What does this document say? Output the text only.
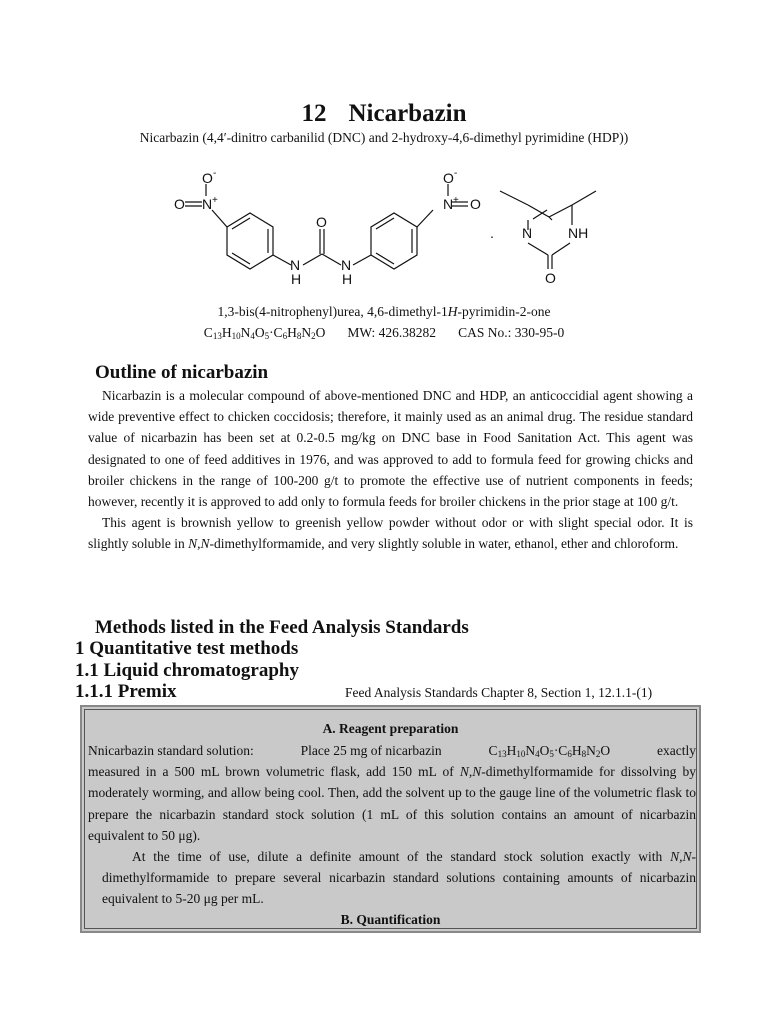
12 Nicarbazin
Nicarbazin (4,4′-dinitro carbanilid (DNC) and 2-hydroxy-4,6-dimethyl pyrimidine (HDP))
O -
O N +
N
H
O
N
H
O -
N + O
. N	NH
O
1,3-bis(4-nitrophenyl)urea, 4,6-dimethyl-1H-pyrimidin-2-one
$C_{13}H_{10}N_4O_5\cdot C_6H_8N_2O$ MW: 426.38282 CAS No.: 330-95-0
Outline of nicarbazin

Nicarbazin is a molecular compound of above-mentioned DNC and HDP, an anticoccidial agent showing a wide preventive effect to chicken coccidosis; therefore, it mainly used as an animal drug. The residue standard value of nicarbazin has been set at 0.2-0.5 mg/kg on DNC base in Food Sanitation Act. This agent was designated to one of feed additives in 1976, and was approved to add to formula feed for growing chicks and broiler chickens in the range of 100-200 g/t to promote the effective use of nutrient components in feeds; however, recently it is approved to add only to formula feeds for broiler chickens in the prior stage at 100 g/t.

This agent is brownish yellow to greenish yellow powder without odor or with slight special odor. It is slightly soluble in N,N-dimethylformamide, and very slightly soluble in water, ethanol, ether and chloroform.

Methods listed in the Feed Analysis Standards
1 Quantitative test methods
1.1 Liquid chromatography
1.1.1 Premix	Feed Analysis Standards Chapter 8, Section 1, 12.1.1-(1)
A. Reagent preparation

Nnicarbazin standard solution:	Place 25 mg of nicarbazin	$C_{13}H_{10}N_4O_5\cdot C_6H_8N_2O$	exactly

measured in a 500 mL brown volumetric flask, add 150 mL of N,N-dimethylformamide for dissolving by moderately worming, and allow being cool. Then, add the solvent up to the gauge line of the volumetric flask to prepare the nicarbazin standard stock solution (1 mL of this solution contains an amount of nicarbazin equivalent to 50 μg).

At the time of use, dilute a definite amount of the standard stock solution exactly with N,N-dimethylformamide to prepare several nicarbazin standard solutions containing amounts of nicarbazin equivalent to 5-20 μg per mL.

B. Quantification
